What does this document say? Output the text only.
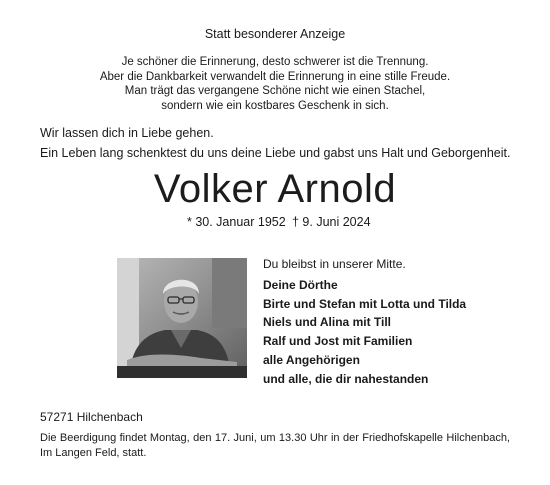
Statt besonderer Anzeige
Je schöner die Erinnerung, desto schwerer ist die Trennung.
Aber die Dankbarkeit verwandelt die Erinnerung in eine stille Freude.
Man trägt das vergangene Schöne nicht wie einen Stachel,
sondern wie ein kostbares Geschenk in sich.
Wir lassen dich in Liebe gehen.
Ein Leben lang schenktest du uns deine Liebe und gabst uns Halt und Geborgenheit.
Volker Arnold
* 30. Januar 1952 † 9. Juni 2024
Du bleibst in unserer Mitte.
Deine Dörthe
Birte und Stefan mit Lotta und Tilda
Niels und Alina mit Till
Ralf und Jost mit Familien
alle Angehörigen
und alle, die dir nahestanden
57271 Hilchenbach
Die Beerdigung findet Montag, den 17. Juni, um 13.30 Uhr in der Friedhofskapelle Hilchenbach, Im Langen Feld, statt.
